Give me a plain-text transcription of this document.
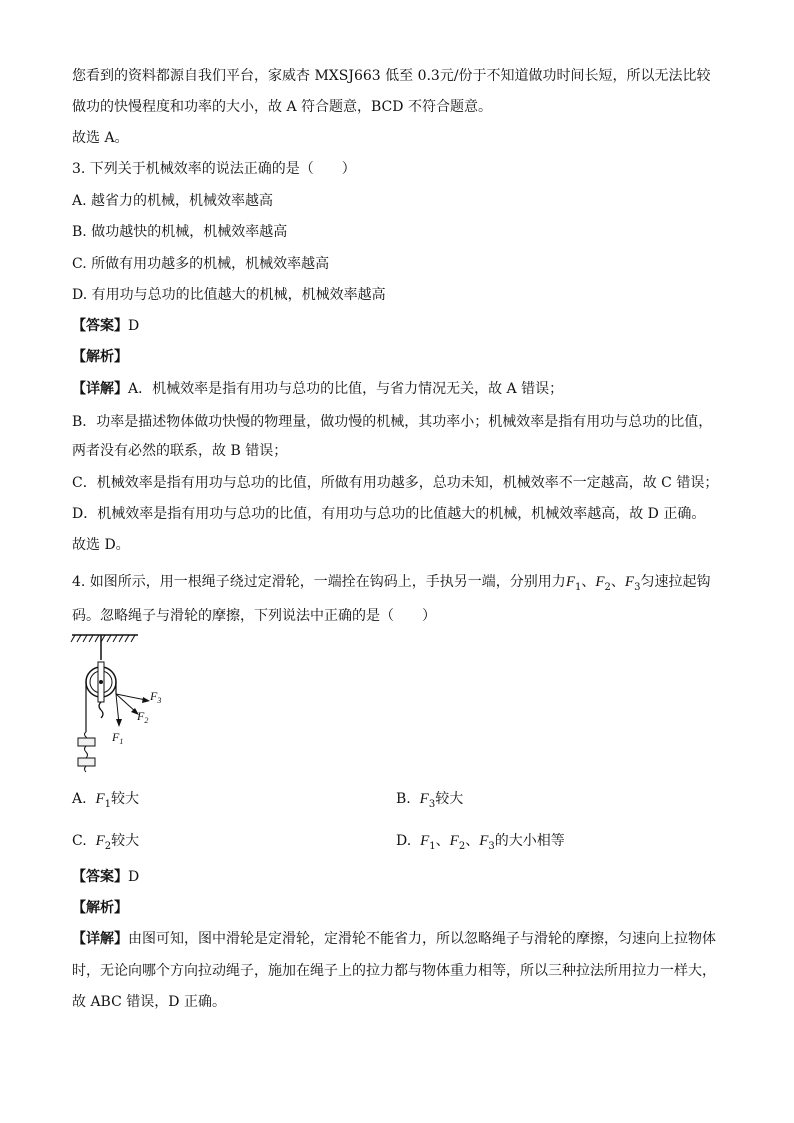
您看到的资料都源自我们平台，家威杏 MXSJ663 低至 0.3元/份于不知道做功时间长短，所以无法比较
做功的快慢程度和功率的大小，故 A 符合题意，BCD 不符合题意。
故选 A。
3. 下列关于机械效率的说法正确的是（　　）
A. 越省力的机械，机械效率越高
B. 做功越快的机械，机械效率越高
C. 所做有用功越多的机械，机械效率越高
D. 有用功与总功的比值越大的机械，机械效率越高
【答案】D
【解析】
【详解】A．机械效率是指有用功与总功的比值，与省力情况无关，故 A 错误；
B．功率是描述物体做功快慢的物理量，做功慢的机械，其功率小；机械效率是指有用功与总功的比值，
两者没有必然的联系，故 B 错误；
C．机械效率是指有用功与总功的比值，所做有用功越多，总功未知，机械效率不一定越高，故 C 错误；
D．机械效率是指有用功与总功的比值，有用功与总功的比值越大的机械，机械效率越高，故 D 正确。
故选 D。
4. 如图所示，用一根绳子绕过定滑轮，一端拴在钩码上，手执另一端，分别用力$F_1$、$F_2$、$F_3$匀速拉起钩
码。忽略绳子与滑轮的摩擦，下列说法中正确的是（　　）
$F_1$
$F_2$
$F_3$
A. $F_1$较大	B. $F_3$较大
C. $F_2$较大	D. $F_1$、$F_2$、$F_3$的大小相等
【答案】D
【解析】
【详解】由图可知，图中滑轮是定滑轮，定滑轮不能省力，所以忽略绳子与滑轮的摩擦，匀速向上拉物体
时，无论向哪个方向拉动绳子，施加在绳子上的拉力都与物体重力相等，所以三种拉法所用拉力一样大，
故 ABC 错误，D 正确。
